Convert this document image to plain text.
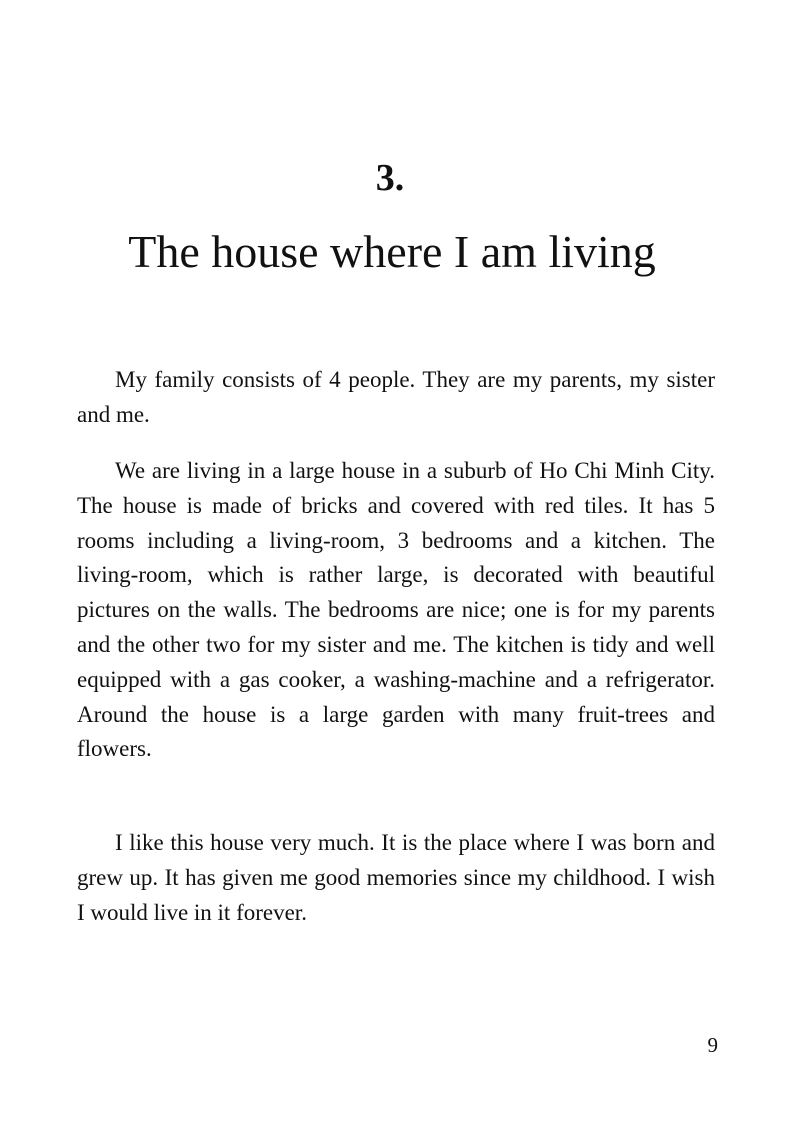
3.
The house where I am living

My family consists of 4 people. They are my parents, my sister and me.

We are living in a large house in a suburb of Ho Chi Minh City. The house is made of bricks and covered with red tiles. It has 5 rooms including a living-room, 3 bedrooms and a kitchen. The living-room, which is rather large, is decorated with beautiful pictures on the walls. The bedrooms are nice; one is for my parents and the other two for my sister and me. The kitchen is tidy and well equipped with a gas cooker, a washing-machine and a refrigerator. Around the house is a large garden with many fruit-trees and flowers.

I like this house very much. It is the place where I was born and grew up. It has given me good memories since my childhood. I wish I would live in it forever.

9
